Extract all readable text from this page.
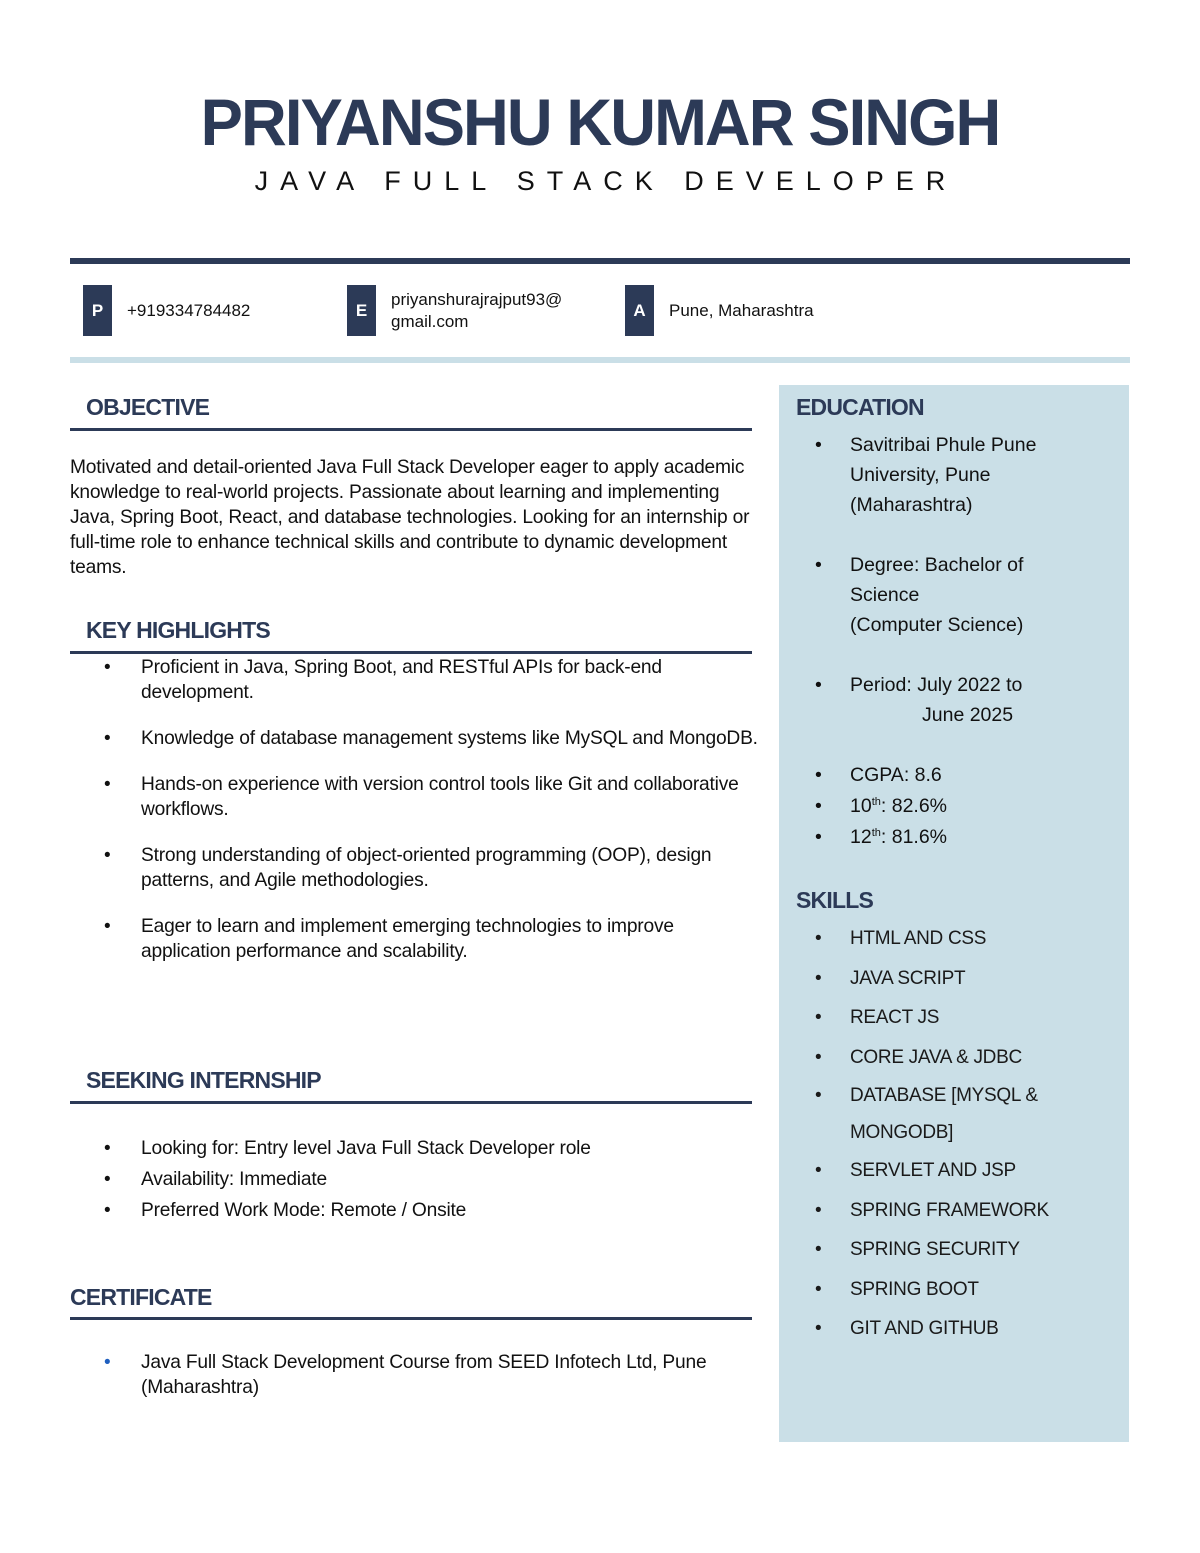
PRIYANSHU KUMAR SINGH
JAVA FULL STACK DEVELOPER
P	+919334784482	E
priyanshurajrajput93@
gmail.com
A	Pune, Maharashtra
OBJECTIVE
Motivated and detail-oriented Java Full Stack Developer eager to apply academic knowledge to real-world projects. Passionate about learning and implementing Java, Spring Boot, React, and database technologies. Looking for an internship or full-time role to enhance technical skills and contribute to dynamic development teams.
KEY HIGHLIGHTS
• Proficient in Java, Spring Boot, and RESTful APIs for back-end development.
• Knowledge of database management systems like MySQL and MongoDB.
• Hands-on experience with version control tools like Git and collaborative workflows.
• Strong understanding of object-oriented programming (OOP), design patterns, and Agile methodologies.
• Eager to learn and implement emerging technologies to improve application performance and scalability.
SEEKING INTERNSHIP
• Looking for: Entry level Java Full Stack Developer role
• Availability: Immediate
• Preferred Work Mode: Remote / Onsite
CERTIFICATE
• Java Full Stack Development Course from SEED Infotech Ltd, Pune (Maharashtra)
EDUCATION
• Savitribai Phule Pune
University, Pune
(Maharashtra)
• Degree: Bachelor of
Science
(Computer Science)
• Period: July 2022 to
June 2025
• CGPA: 8.6
• 10th: 82.6%
• 12th: 81.6%
SKILLS
• HTML AND CSS
• JAVA SCRIPT
• REACT JS
• CORE JAVA & JDBC
• DATABASE [MYSQL &
MONGODB]
• SERVLET AND JSP
• SPRING FRAMEWORK
• SPRING SECURITY
• SPRING BOOT
• GIT AND GITHUB
